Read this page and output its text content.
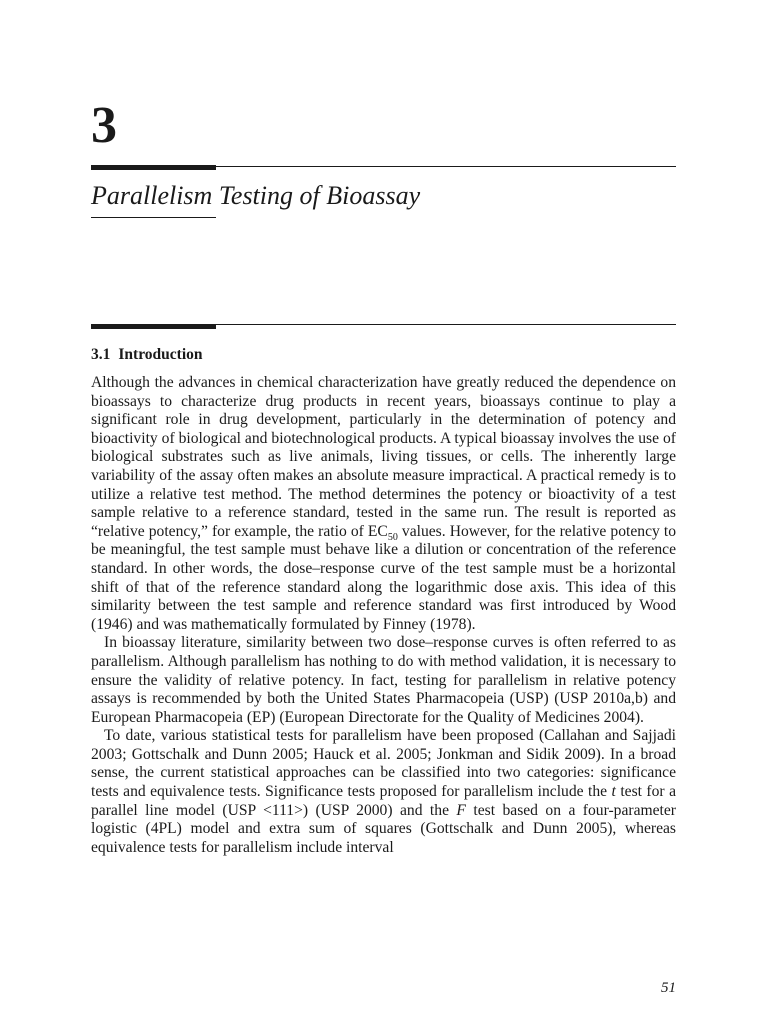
3
Parallelism Testing of Bioassay
3.1 Introduction

Although the advances in chemical characterization have greatly reduced the dependence on bioassays to characterize drug products in recent years, bioassays continue to play a significant role in drug development, particularly in the determination of potency and bioactivity of biological and biotechnological products. A typical bioassay involves the use of biological substrates such as live animals, living tissues, or cells. The inherently large variability of the assay often makes an absolute measure impractical. A practical remedy is to utilize a relative test method. The method determines the potency or bioactivity of a test sample relative to a reference standard, tested in the same run. The result is reported as “relative potency,” for example, the ratio of $EC_{50}$ values. However, for the relative potency to be meaningful, the test sample must behave like a dilution or concentration of the reference standard. In other words, the dose–response curve of the test sample must be a horizontal shift of that of the reference standard along the logarithmic dose axis. This idea of this similarity between the test sample and reference standard was first introduced by Wood (1946) and was mathematically formulated by Finney (1978).

In bioassay literature, similarity between two dose–response curves is often referred to as parallelism. Although parallelism has nothing to do with method validation, it is necessary to ensure the validity of relative potency. In fact, testing for parallelism in relative potency assays is recommended by both the United States Pharmacopeia (USP) (USP 2010a,b) and European Pharmacopeia (EP) (European Directorate for the Quality of Medicines 2004).

To date, various statistical tests for parallelism have been proposed (Callahan and Sajjadi 2003; Gottschalk and Dunn 2005; Hauck et al. 2005; Jonkman and Sidik 2009). In a broad sense, the current statistical approaches can be classified into two categories: significance tests and equivalence tests. Significance tests proposed for parallelism include the t test for a parallel line model (USP <111>) (USP 2000) and the F test based on a four-parameter logistic (4PL) model and extra sum of squares (Gottschalk and Dunn 2005), whereas equivalence tests for parallelism include interval

51
